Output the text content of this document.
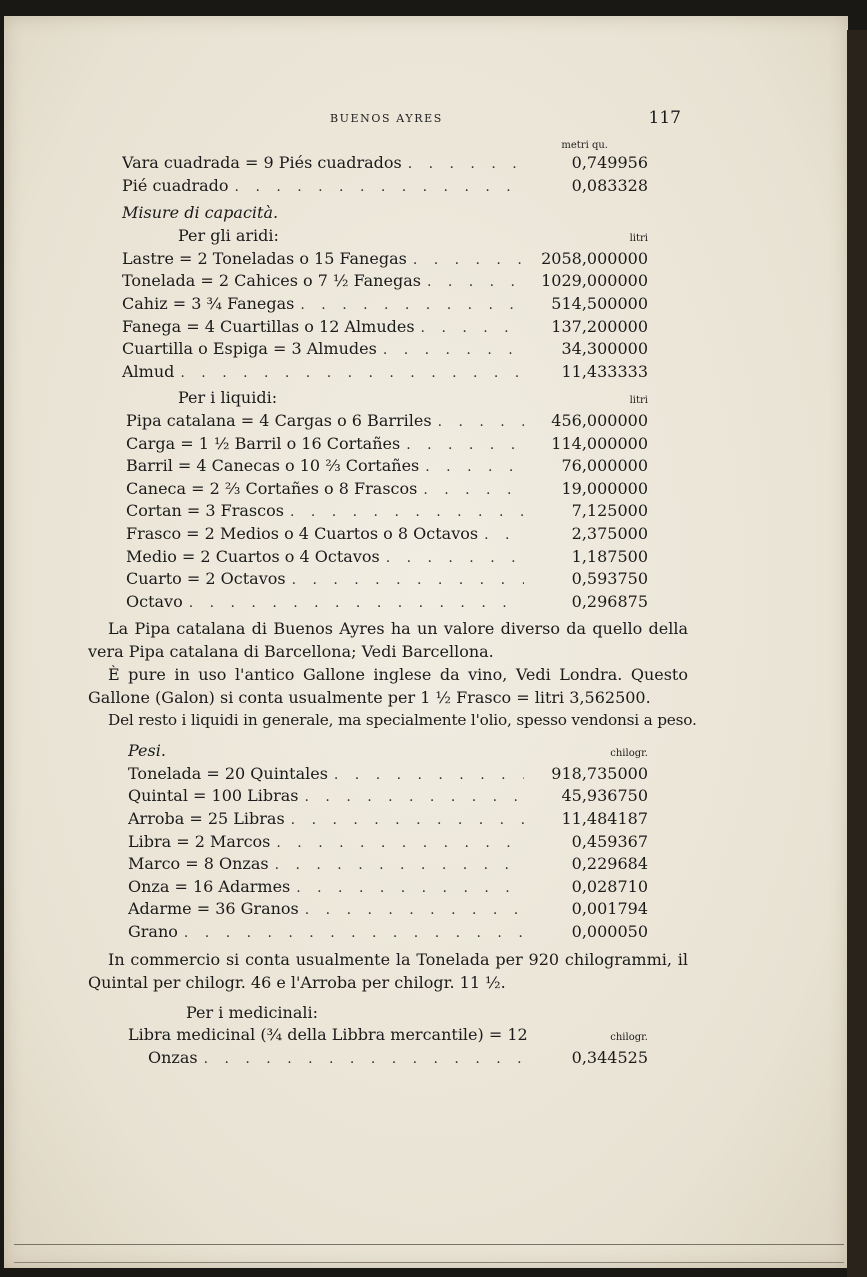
BUENOS AYRES	117
metri qu.
Vara cuadrada = 9 Piés cuadrados . . .	0,749956
Pié cuadrado . . .	0,083328
Misure di capacità.
Per gli aridi:	litri
Lastre = 2 Toneladas o 15 Fanegas . . .	2058,000000
Tonelada = 2 Cahices o 7 ½ Fanegas . . .	1029,000000
Cahiz = 3 ¾ Fanegas . . .	514,500000
Fanega = 4 Cuartillas o 12 Almudes . . .	137,200000
Cuartilla o Espiga = 3 Almudes . . .	34,300000
Almud . . .	11,433333
Per i liquidi:	litri
Pipa catalana = 4 Cargas o 6 Barriles . . .	456,000000
Carga = 1 ½ Barril o 16 Cortañes . . .	114,000000
Barril = 4 Canecas o 10 ⅔ Cortañes . . .	76,000000
Caneca = 2 ⅔ Cortañes o 8 Frascos . . .	19,000000
Cortan = 3 Frascos . . .	7,125000
Frasco = 2 Medios o 4 Cuartos o 8 Octavos . . .	2,375000
Medio = 2 Cuartos o 4 Octavos . . .	1,187500
Cuarto = 2 Octavos . . .	0,593750
Octavo . . .	0,296875

La Pipa catalana di Buenos Ayres ha un valore diverso da quello della vera Pipa catalana di Barcellona; Vedi Barcellona.

È pure in uso l'antico Gallone inglese da vino, Vedi Londra. Questo Gallone (Galon) si conta usualmente per 1 ½ Frasco = litri 3,562500.

Del resto i liquidi in generale, ma specialmente l'olio, spesso vendonsi a peso.

Pesi.	chilogr.
Tonelada = 20 Quintales . . .	918,735000
Quintal = 100 Libras . . .	45,936750
Arroba = 25 Libras . . .	11,484187
Libra = 2 Marcos . . .	0,459367
Marco = 8 Onzas . . .	0,229684
Onza = 16 Adarmes . . .	0,028710
Adarme = 36 Granos . . .	0,001794
Grano . . .	0,000050

In commercio si conta usualmente la Tonelada per 920 chilogrammi, il Quintal per chilogr. 46 e l'Arroba per chilogr. 11 ½.

Per i medicinali:
Libra medicinal (¾ della Libbra mercantile) = 12	chilogr.
Onzas . . .	0,344525
